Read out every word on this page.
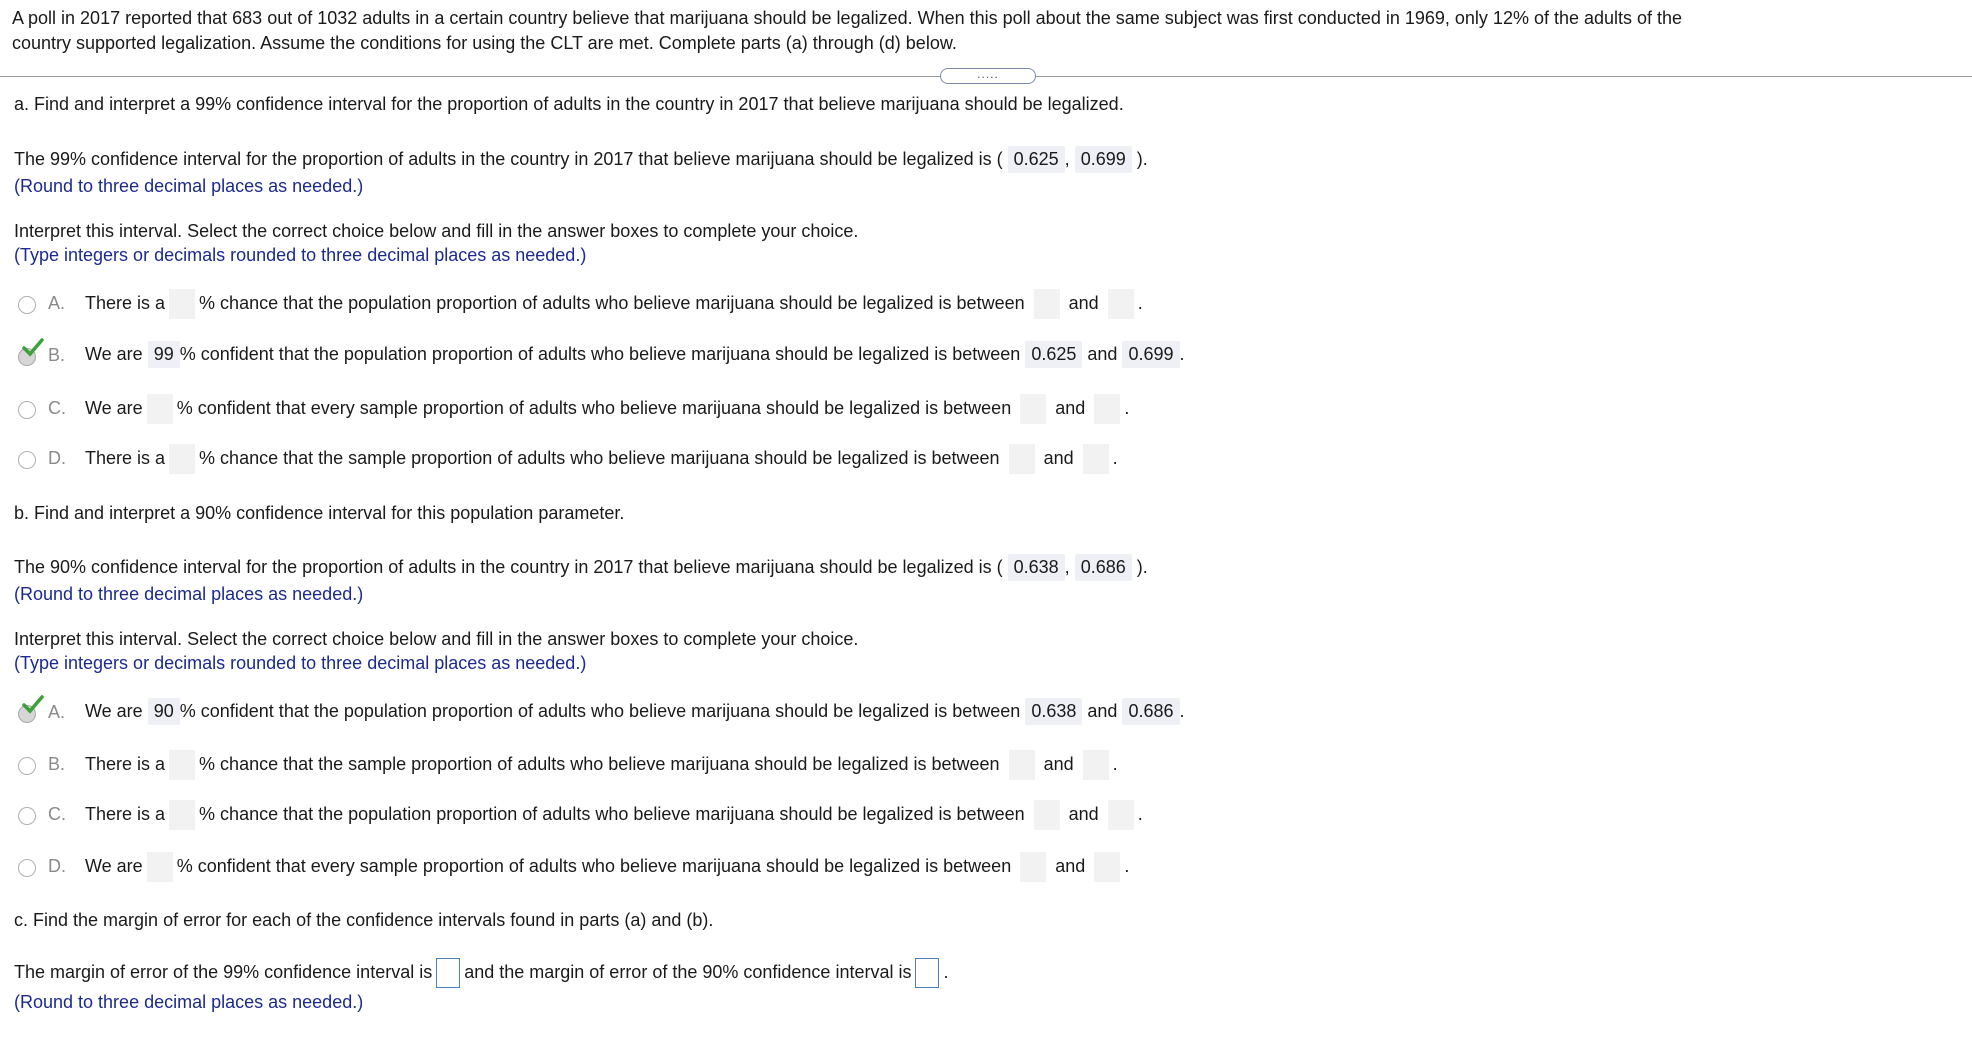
A poll in 2017 reported that 683 out of 1032 adults in a certain country believe that marijuana should be legalized. When this poll about the same subject was first conducted in 1969, only 12% of the adults of the
country supported legalization. Assume the conditions for using the CLT are met. Complete parts (a) through (d) below.
.....
a. Find and interpret a 99% confidence interval for the proportion of adults in the country in 2017 that believe marijuana should be legalized.
The 99% confidence interval for the proportion of adults in the country in 2017 that believe marijuana should be legalized is ( 0.625 , 0.699 ).
(Round to three decimal places as needed.)
Interpret this interval. Select the correct choice below and fill in the answer boxes to complete your choice.
(Type integers or decimals rounded to three decimal places as needed.)
A. There is a % chance that the population proportion of adults who believe marijuana should be legalized is between and .
B. We are 99 % confident that the population proportion of adults who believe marijuana should be legalized is between 0.625 and 0.699 .
C. We are % confident that every sample proportion of adults who believe marijuana should be legalized is between and .
D. There is a % chance that the sample proportion of adults who believe marijuana should be legalized is between and .
b. Find and interpret a 90% confidence interval for this population parameter.
The 90% confidence interval for the proportion of adults in the country in 2017 that believe marijuana should be legalized is ( 0.638 , 0.686 ).
(Round to three decimal places as needed.)
Interpret this interval. Select the correct choice below and fill in the answer boxes to complete your choice.
(Type integers or decimals rounded to three decimal places as needed.)
A. We are 90 % confident that the population proportion of adults who believe marijuana should be legalized is between 0.638 and 0.686 .
B. There is a % chance that the sample proportion of adults who believe marijuana should be legalized is between and .
C. There is a % chance that the population proportion of adults who believe marijuana should be legalized is between and .
D. We are % confident that every sample proportion of adults who believe marijuana should be legalized is between and .
c. Find the margin of error for each of the confidence intervals found in parts (a) and (b).
The margin of error of the 99% confidence interval is and the margin of error of the 90% confidence interval is .
(Round to three decimal places as needed.)
